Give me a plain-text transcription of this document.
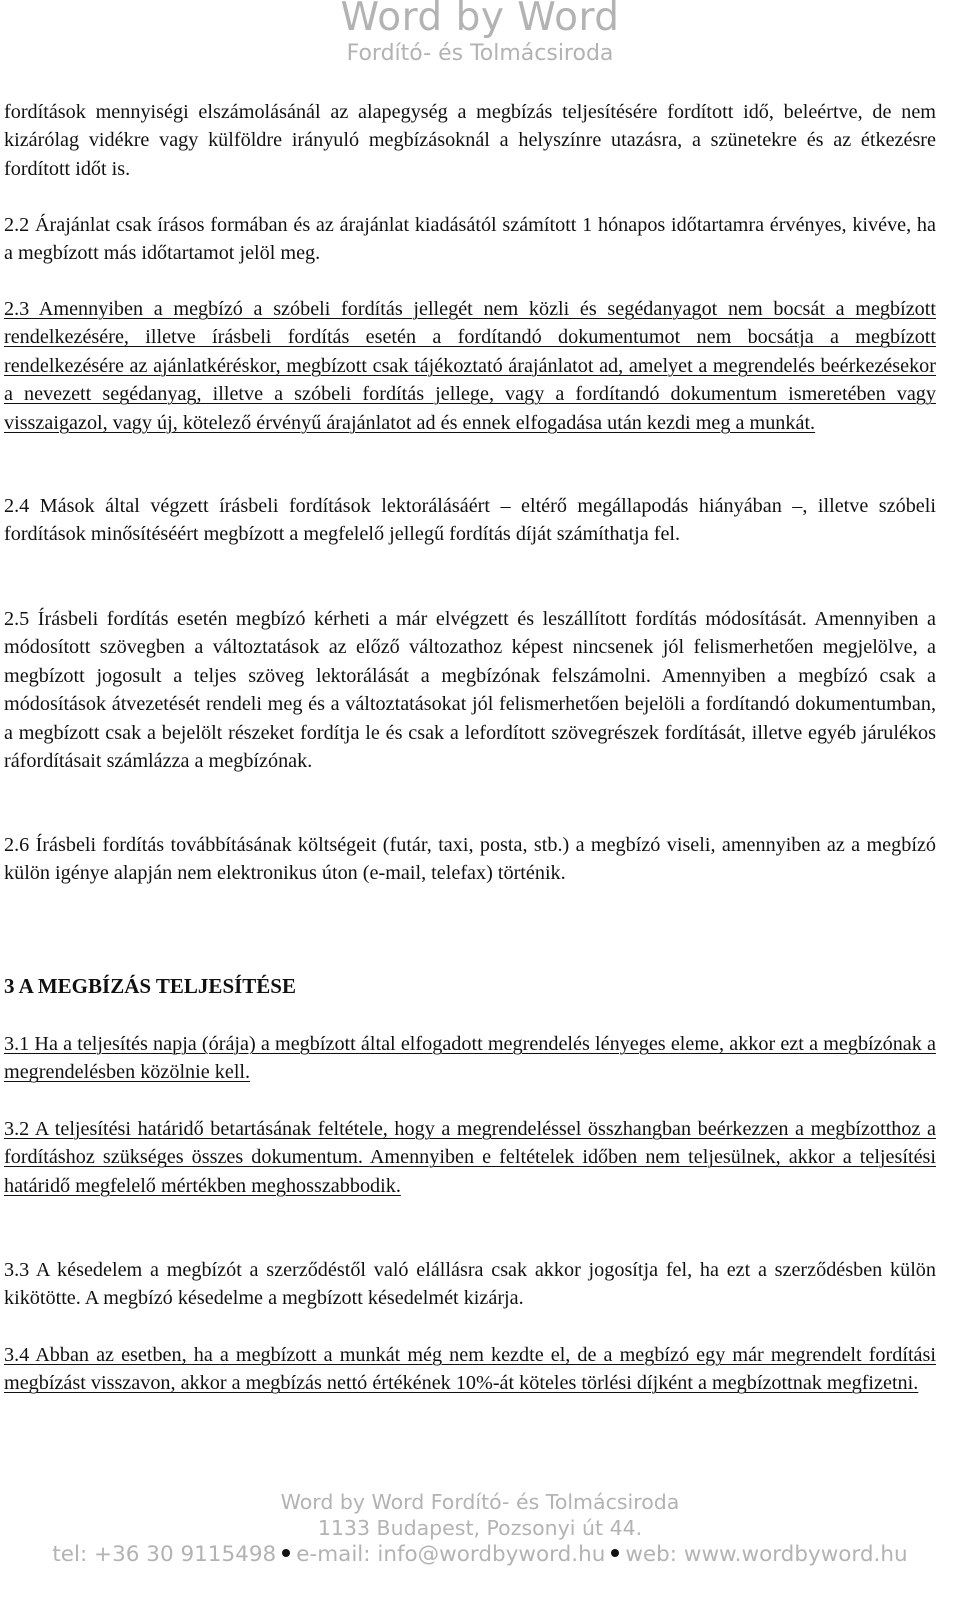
Word by Word
Fordító- és Tolmácsiroda

fordítások mennyiségi elszámolásánál az alapegység a megbízás teljesítésére fordított idő, beleértve, de nem kizárólag vidékre vagy külföldre irányuló megbízásoknál a helyszínre utazásra, a szünetekre és az étkezésre fordított időt is.

2.2 Árajánlat csak írásos formában és az árajánlat kiadásától számított 1 hónapos időtartamra érvényes, kivéve, ha a megbízott más időtartamot jelöl meg.

2.3 Amennyiben a megbízó a szóbeli fordítás jellegét nem közli és segédanyagot nem bocsát a megbízott rendelkezésére, illetve írásbeli fordítás esetén a fordítandó dokumentumot nem bocsátja a megbízott rendelkezésére az ajánlatkéréskor, megbízott csak tájékoztató árajánlatot ad, amelyet a megrendelés beérkezésekor a nevezett segédanyag, illetve a szóbeli fordítás jellege, vagy a fordítandó dokumentum ismeretében vagy visszaigazol, vagy új, kötelező érvényű árajánlatot ad és ennek elfogadása után kezdi meg a munkát.

2.4 Mások által végzett írásbeli fordítások lektorálásáért – eltérő megállapodás hiányában –, illetve szóbeli fordítások minősítéséért megbízott a megfelelő jellegű fordítás díját számíthatja fel.

2.5 Írásbeli fordítás esetén megbízó kérheti a már elvégzett és leszállított fordítás módosítását. Amennyiben a módosított szövegben a változtatások az előző változathoz képest nincsenek jól felismerhetően megjelölve, a megbízott jogosult a teljes szöveg lektorálását a megbízónak felszámolni. Amennyiben a megbízó csak a módosítások átvezetését rendeli meg és a változtatásokat jól felismerhetően bejelöli a fordítandó dokumentumban, a megbízott csak a bejelölt részeket fordítja le és csak a lefordított szövegrészek fordítását, illetve egyéb járulékos ráfordításait számlázza a megbízónak.

2.6 Írásbeli fordítás továbbításának költségeit (futár, taxi, posta, stb.) a megbízó viseli, amennyiben az a megbízó külön igénye alapján nem elektronikus úton (e-mail, telefax) történik.

3 A MEGBÍZÁS TELJESÍTÉSE

3.1 Ha a teljesítés napja (órája) a megbízott által elfogadott megrendelés lényeges eleme, akkor ezt a megbízónak a megrendelésben közölnie kell.

3.2 A teljesítési határidő betartásának feltétele, hogy a megrendeléssel összhangban beérkezzen a megbízotthoz a fordításhoz szükséges összes dokumentum. Amennyiben e feltételek időben nem teljesülnek, akkor a teljesítési határidő megfelelő mértékben meghosszabbodik.

3.3 A késedelem a megbízót a szerződéstől való elállásra csak akkor jogosítja fel, ha ezt a szerződésben külön kikötötte. A megbízó késedelme a megbízott késedelmét kizárja.

3.4 Abban az esetben, ha a megbízott a munkát még nem kezdte el, de a megbízó egy már megrendelt fordítási megbízást visszavon, akkor a megbízás nettó értékének 10%-át köteles törlési díjként a megbízottnak megfizetni.

Word by Word Fordító- és Tolmácsiroda
1133 Budapest, Pozsonyi út 44.
tel: +36 30 9115498 e-mail: info@wordbyword.hu web: www.wordbyword.hu
